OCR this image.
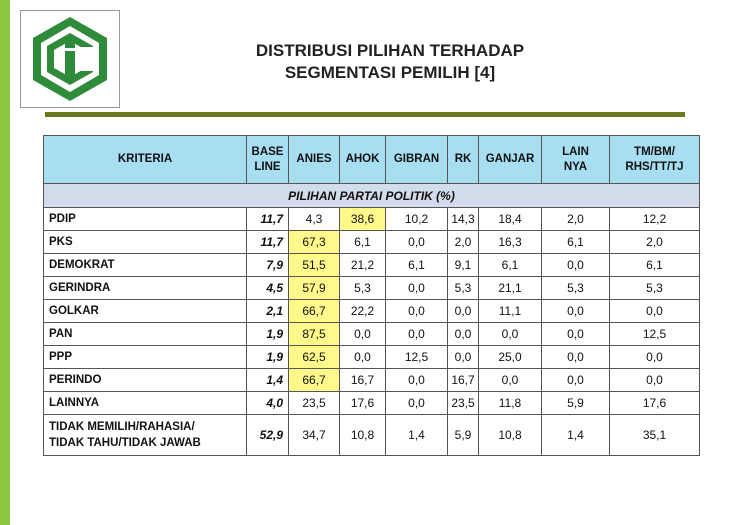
DISTRIBUSI PILIHAN TERHADAP
SEGMENTASI PEMILIH [4]
KRITERIA	BASE LINE	ANIES	AHOK	GIBRAN	RK	GANJAR	LAIN NYA	TM/BM/ RHS/TT/TJ
PILIHAN PARTAI POLITIK (%)								
PDIP	11,7	4,3	38,6	10,2	14,3	18,4	2,0	12,2
PKS	11,7	67,3	6,1	0,0	2,0	16,3	6,1	2,0
DEMOKRAT	7,9	51,5	21,2	6,1	9,1	6,1	0,0	6,1
GERINDRA	4,5	57,9	5,3	0,0	5,3	21,1	5,3	5,3
GOLKAR	2,1	66,7	22,2	0,0	0,0	11,1	0,0	0,0
PAN	1,9	87,5	0,0	0,0	0,0	0,0	0,0	12,5
PPP	1,9	62,5	0,0	12,5	0,0	25,0	0,0	0,0
PERINDO	1,4	66,7	16,7	0,0	16,7	0,0	0,0	0,0
LAINNYA	4,0	23,5	17,6	0,0	23,5	11,8	5,9	17,6
TIDAK MEMILIH/RAHASIA/ TIDAK TAHU/TIDAK JAWAB	52,9	34,7	10,8	1,4	5,9	10,8	1,4	35,1
